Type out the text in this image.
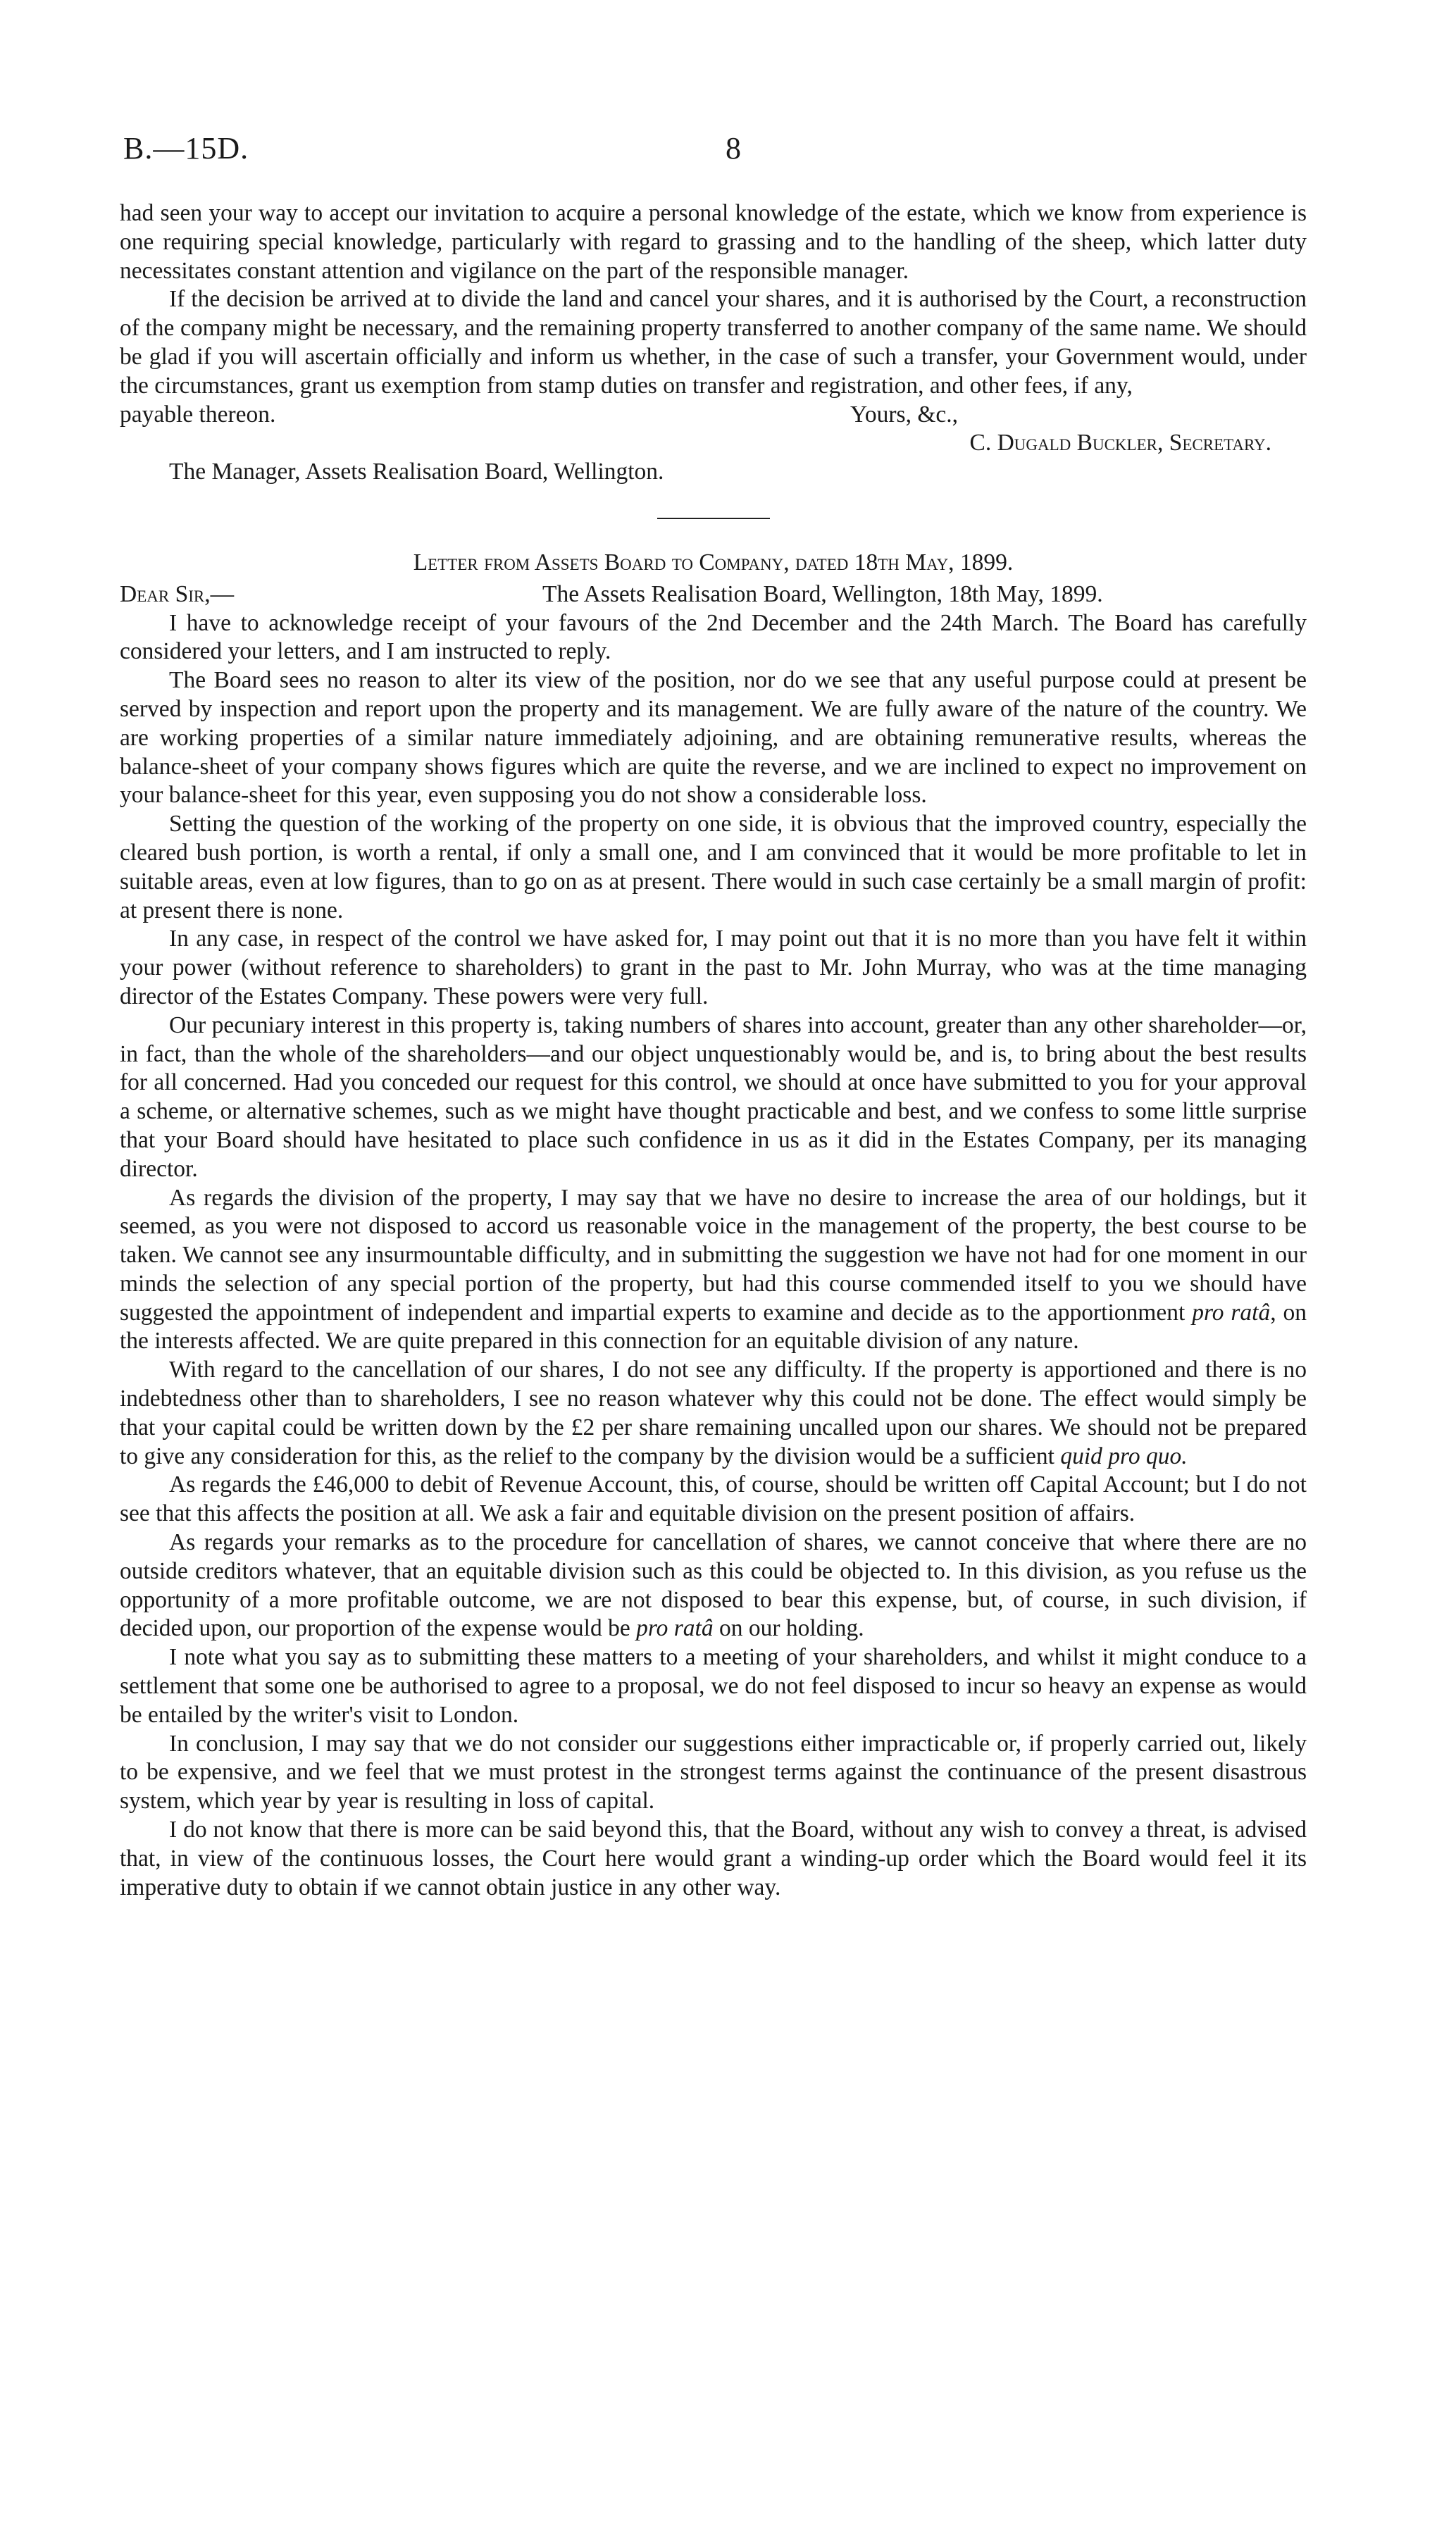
B.—15D.	8

had seen your way to accept our invitation to acquire a personal knowledge of the estate, which we know from experience is one requiring special knowledge, particularly with regard to grassing and to the handling of the sheep, which latter duty necessitates constant attention and vigilance on the part of the responsible manager.

If the decision be arrived at to divide the land and cancel your shares, and it is authorised by the Court, a reconstruction of the company might be necessary, and the remaining property transferred to another company of the same name. We should be glad if you will ascertain officially and inform us whether, in the case of such a transfer, your Government would, under the circumstances, grant us exemption from stamp duties on transfer and registration, and other fees, if any,

payable thereon.	Yours, &c.,

C. Dugald Buckler, Secretary.

The Manager, Assets Realisation Board, Wellington.

Letter from Assets Board to Company, dated 18th May, 1899.

Dear Sir,—	The Assets Realisation Board, Wellington, 18th May, 1899.

I have to acknowledge receipt of your favours of the 2nd December and the 24th March. The Board has carefully considered your letters, and I am instructed to reply.

The Board sees no reason to alter its view of the position, nor do we see that any useful purpose could at present be served by inspection and report upon the property and its management. We are fully aware of the nature of the country. We are working properties of a similar nature immediately adjoining, and are obtaining remunerative results, whereas the balance-sheet of your company shows figures which are quite the reverse, and we are inclined to expect no improvement on your balance-sheet for this year, even supposing you do not show a considerable loss.

Setting the question of the working of the property on one side, it is obvious that the improved country, especially the cleared bush portion, is worth a rental, if only a small one, and I am convinced that it would be more profitable to let in suitable areas, even at low figures, than to go on as at present. There would in such case certainly be a small margin of profit: at present there is none.

In any case, in respect of the control we have asked for, I may point out that it is no more than you have felt it within your power (without reference to shareholders) to grant in the past to Mr. John Murray, who was at the time managing director of the Estates Company. These powers were very full.

Our pecuniary interest in this property is, taking numbers of shares into account, greater than any other shareholder—or, in fact, than the whole of the shareholders—and our object unquestionably would be, and is, to bring about the best results for all concerned. Had you conceded our request for this control, we should at once have submitted to you for your approval a scheme, or alternative schemes, such as we might have thought practicable and best, and we confess to some little surprise that your Board should have hesitated to place such confidence in us as it did in the Estates Company, per its managing director.

As regards the division of the property, I may say that we have no desire to increase the area of our holdings, but it seemed, as you were not disposed to accord us reasonable voice in the management of the property, the best course to be taken. We cannot see any insurmountable difficulty, and in submitting the suggestion we have not had for one moment in our minds the selection of any special portion of the property, but had this course commended itself to you we should have suggested the appointment of independent and impartial experts to examine and decide as to the apportionment pro ratâ, on the interests affected. We are quite prepared in this connection for an equitable division of any nature.

With regard to the cancellation of our shares, I do not see any difficulty. If the property is apportioned and there is no indebtedness other than to shareholders, I see no reason whatever why this could not be done. The effect would simply be that your capital could be written down by the £2 per share remaining uncalled upon our shares. We should not be prepared to give any consideration for this, as the relief to the company by the division would be a sufficient quid pro quo.

As regards the £46,000 to debit of Revenue Account, this, of course, should be written off Capital Account; but I do not see that this affects the position at all. We ask a fair and equitable division on the present position of affairs.

As regards your remarks as to the procedure for cancellation of shares, we cannot conceive that where there are no outside creditors whatever, that an equitable division such as this could be objected to. In this division, as you refuse us the opportunity of a more profitable outcome, we are not disposed to bear this expense, but, of course, in such division, if decided upon, our proportion of the expense would be pro ratâ on our holding.

I note what you say as to submitting these matters to a meeting of your shareholders, and whilst it might conduce to a settlement that some one be authorised to agree to a proposal, we do not feel disposed to incur so heavy an expense as would be entailed by the writer's visit to London.

In conclusion, I may say that we do not consider our suggestions either impracticable or, if properly carried out, likely to be expensive, and we feel that we must protest in the strongest terms against the continuance of the present disastrous system, which year by year is resulting in loss of capital.

I do not know that there is more can be said beyond this, that the Board, without any wish to convey a threat, is advised that, in view of the continuous losses, the Court here would grant a winding-up order which the Board would feel it its imperative duty to obtain if we cannot obtain justice in any other way.
